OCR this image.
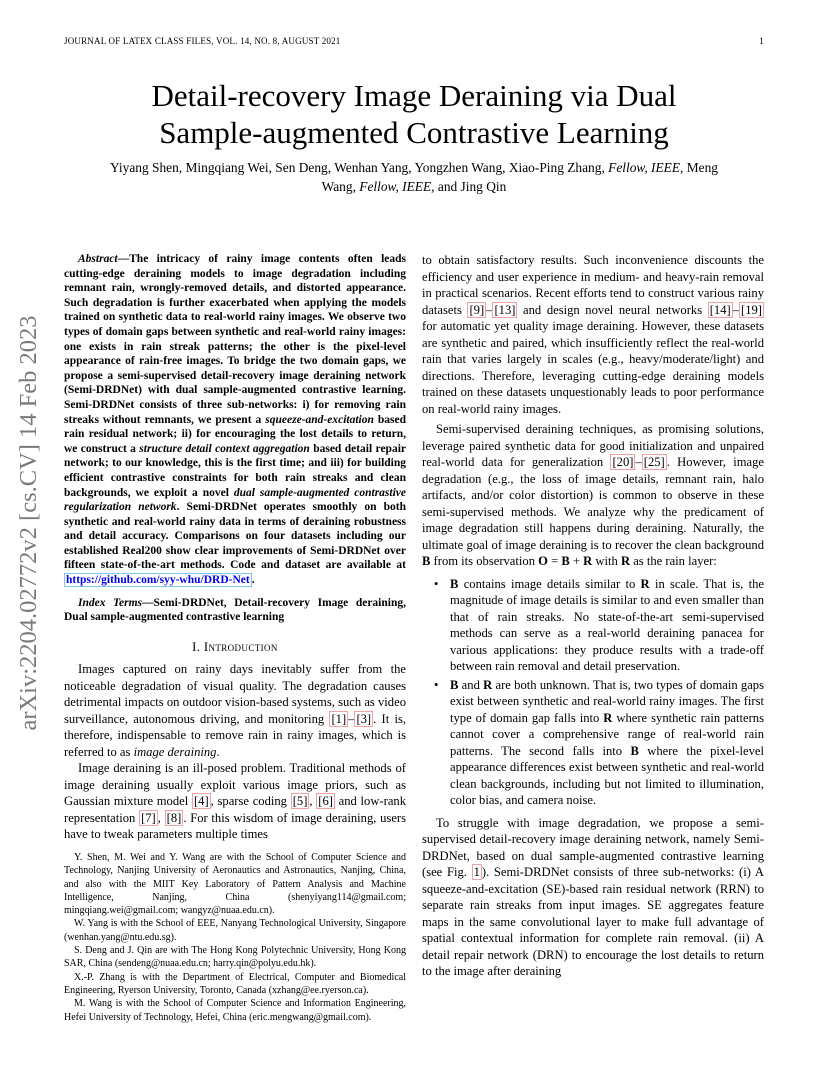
JOURNAL OF LATEX CLASS FILES, VOL. 14, NO. 8, AUGUST 2021	1
arXiv:2204.02772v2 [cs.CV] 14 Feb 2023
Detail-recovery Image Deraining via Dual
Sample-augmented Contrastive Learning
Yiyang Shen, Mingqiang Wei, Sen Deng, Wenhan Yang, Yongzhen Wang, Xiao-Ping Zhang, Fellow, IEEE, Meng
Wang, Fellow, IEEE, and Jing Qin

Abstract—The intricacy of rainy image contents often leads cutting-edge deraining models to image degradation including remnant rain, wrongly-removed details, and distorted appearance. Such degradation is further exacerbated when applying the models trained on synthetic data to real-world rainy images. We observe two types of domain gaps between synthetic and real-world rainy images: one exists in rain streak patterns; the other is the pixel-level appearance of rain-free images. To bridge the two domain gaps, we propose a semi-supervised detail-recovery image deraining network (Semi-DRDNet) with dual sample-augmented contrastive learning. Semi-DRDNet consists of three sub-networks: i) for removing rain streaks without remnants, we present a squeeze-and-excitation based rain residual network; ii) for encouraging the lost details to return, we construct a structure detail context aggregation based detail repair network; to our knowledge, this is the first time; and iii) for building efficient contrastive constraints for both rain streaks and clean backgrounds, we exploit a novel dual sample-augmented contrastive regularization network. Semi-DRDNet operates smoothly on both synthetic and real-world rainy data in terms of deraining robustness and detail accuracy. Comparisons on four datasets including our established Real200 show clear improvements of Semi-DRDNet over fifteen state-of-the-art methods. Code and dataset are available at https://github.com/syy-whu/DRD-Net .

Index Terms—Semi-DRDNet, Detail-recovery Image deraining, Dual sample-augmented contrastive learning

I. Introduction

Images captured on rainy days inevitably suffer from the noticeable degradation of visual quality. The degradation causes detrimental impacts on outdoor vision-based systems, such as video surveillance, autonomous driving, and monitoring [1] – [3] . It is, therefore, indispensable to remove rain in rainy images, which is referred to as image deraining.

Image deraining is an ill-posed problem. Traditional methods of image deraining usually exploit various image priors, such as Gaussian mixture model [4] , sparse coding [5] , [6] and low-rank representation [7] , [8] . For this wisdom of image deraining, users have to tweak parameters multiple times

Y. Shen, M. Wei and Y. Wang are with the School of Computer Science and Technology, Nanjing University of Aeronautics and Astronautics, Nanjing, China, and also with the MIIT Key Laboratory of Pattern Analysis and Machine Intelligence, Nanjing, China (shenyiyang114@gmail.com; mingqiang.wei@gmail.com; wangyz@nuaa.edu.cn).

W. Yang is with the School of EEE, Nanyang Technological University, Singapore (wenhan.yang@ntu.edu.sg).

S. Deng and J. Qin are with The Hong Kong Polytechnic University, Hong Kong SAR, China (sendeng@nuaa.edu.cn; harry.qin@polyu.edu.hk).

X.-P. Zhang is with the Department of Electrical, Computer and Biomedical Engineering, Ryerson University, Toronto, Canada (xzhang@ee.ryerson.ca).

M. Wang is with the School of Computer Science and Information Engineering, Hefei University of Technology, Hefei, China (eric.mengwang@gmail.com).

to obtain satisfactory results. Such inconvenience discounts the efficiency and user experience in medium- and heavy-rain removal in practical scenarios. Recent efforts tend to construct various rainy datasets [9] – [13] and design novel neural networks [14] – [19] for automatic yet quality image deraining. However, these datasets are synthetic and paired, which insufficiently reflect the real-world rain that varies largely in scales (e.g., heavy/moderate/light) and directions. Therefore, leveraging cutting-edge deraining models trained on these datasets unquestionably leads to poor performance on real-world rainy images.

Semi-supervised deraining techniques, as promising solutions, leverage paired synthetic data for good initialization and unpaired real-world data for generalization [20] – [25] . However, image degradation (e.g., the loss of image details, remnant rain, halo artifacts, and/or color distortion) is common to observe in these semi-supervised methods. We analyze why the predicament of image degradation still happens during deraining. Naturally, the ultimate goal of image deraining is to recover the clean background B from its observation O = B + R with R as the rain layer:

• B contains image details similar to R in scale. That is, the magnitude of image details is similar to and even smaller than that of rain streaks. No state-of-the-art semi-supervised methods can serve as a real-world deraining panacea for various applications: they produce results with a trade-off between rain removal and detail preservation.
• B and R are both unknown. That is, two types of domain gaps exist between synthetic and real-world rainy images. The first type of domain gap falls into R where synthetic rain patterns cannot cover a comprehensive range of real-world rain patterns. The second falls into B where the pixel-level appearance differences exist between synthetic and real-world clean backgrounds, including but not limited to illumination, color bias, and camera noise.

To struggle with image degradation, we propose a semi-supervised detail-recovery image deraining network, namely Semi-DRDNet, based on dual sample-augmented contrastive learning (see Fig. 1 ). Semi-DRDNet consists of three sub-networks: (i) A squeeze-and-excitation (SE)-based rain residual network (RRN) to separate rain streaks from input images. SE aggregates feature maps in the same convolutional layer to make full advantage of spatial contextual information for complete rain removal. (ii) A detail repair network (DRN) to encourage the lost details to return to the image after deraining
